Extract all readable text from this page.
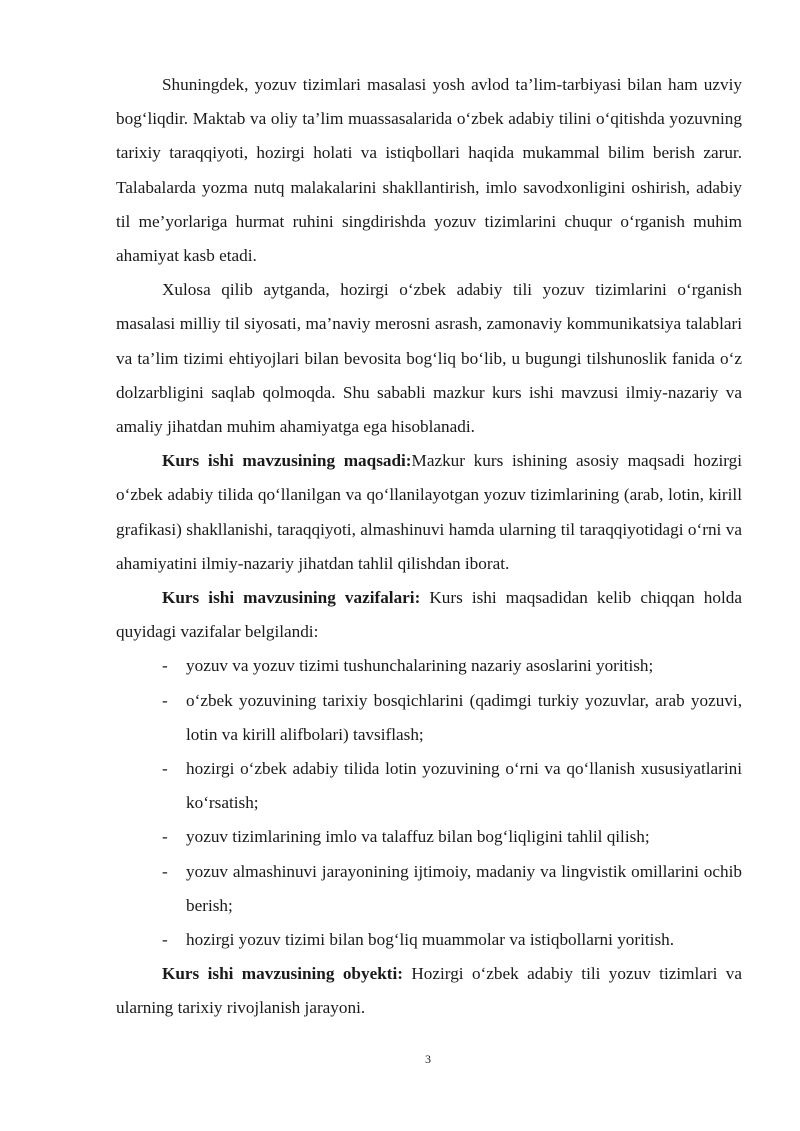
Shuningdek, yozuv tizimlari masalasi yosh avlod ta’lim-tarbiyasi bilan ham uzviy bog‘liqdir. Maktab va oliy ta’lim muassasalarida o‘zbek adabiy tilini o‘qitishda yozuvning tarixiy taraqqiyoti, hozirgi holati va istiqbollari haqida mukammal bilim berish zarur. Talabalarda yozma nutq malakalarini shakllantirish, imlo savodxonligini oshirish, adabiy til me’yorlariga hurmat ruhini singdirishda yozuv tizimlarini chuqur o‘rganish muhim ahamiyat kasb etadi.

Xulosa qilib aytganda, hozirgi o‘zbek adabiy tili yozuv tizimlarini o‘rganish masalasi milliy til siyosati, ma’naviy merosni asrash, zamonaviy kommunikatsiya talablari va ta’lim tizimi ehtiyojlari bilan bevosita bog‘liq bo‘lib, u bugungi tilshunoslik fanida o‘z dolzarbligini saqlab qolmoqda. Shu sababli mazkur kurs ishi mavzusi ilmiy-nazariy va amaliy jihatdan muhim ahamiyatga ega hisoblanadi.

Kurs ishi mavzusining maqsadi:Mazkur kurs ishining asosiy maqsadi hozirgi o‘zbek adabiy tilida qo‘llanilgan va qo‘llanilayotgan yozuv tizimlarining (arab, lotin, kirill grafikasi) shakllanishi, taraqqiyoti, almashinuvi hamda ularning til taraqqiyotidagi o‘rni va ahamiyatini ilmiy-nazariy jihatdan tahlil qilishdan iborat.

Kurs ishi mavzusining vazifalari: Kurs ishi maqsadidan kelib chiqqan holda quyidagi vazifalar belgilandi:

- yozuv va yozuv tizimi tushunchalarining nazariy asoslarini yoritish;
- o‘zbek yozuvining tarixiy bosqichlarini (qadimgi turkiy yozuvlar, arab yozuvi, lotin va kirill alifbolari) tavsiflash;
- hozirgi o‘zbek adabiy tilida lotin yozuvining o‘rni va qo‘llanish xususiyatlarini ko‘rsatish;
- yozuv tizimlarining imlo va talaffuz bilan bog‘liqligini tahlil qilish;
- yozuv almashinuvi jarayonining ijtimoiy, madaniy va lingvistik omillarini ochib berish;
- hozirgi yozuv tizimi bilan bog‘liq muammolar va istiqbollarni yoritish.

Kurs ishi mavzusining obyekti: Hozirgi o‘zbek adabiy tili yozuv tizimlari va ularning tarixiy rivojlanish jarayoni.

3
